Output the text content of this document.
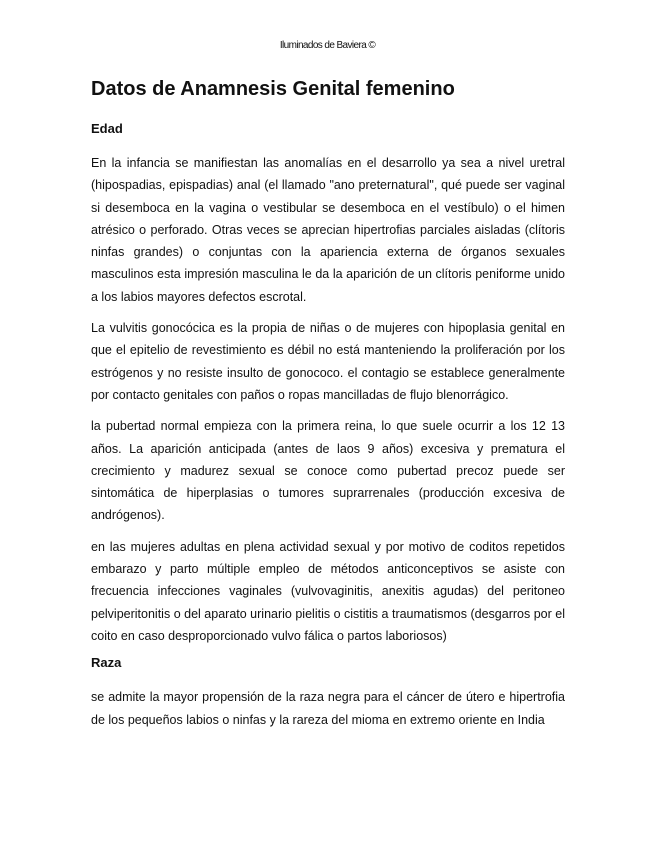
Iluminados de Baviera ©
Datos de Anamnesis Genital femenino
Edad

En la infancia se manifiestan las anomalías en el desarrollo ya sea a nivel uretral (hipospadias, epispadias) anal (el llamado "ano preternatural", qué puede ser vaginal si desemboca en la vagina o vestibular se desemboca en el vestíbulo) o el himen atrésico o perforado. Otras veces se aprecian hipertrofias parciales aisladas (clítoris ninfas grandes) o conjuntas con la apariencia externa de órganos sexuales masculinos esta impresión masculina le da la aparición de un clítoris peniforme unido a los labios mayores defectos escrotal.

La vulvitis gonocócica es la propia de niñas o de mujeres con hipoplasia genital en que el epitelio de revestimiento es débil no está manteniendo la proliferación por los estrógenos y no resiste insulto de gonococo. el contagio se establece generalmente por contacto genitales con paños o ropas mancilladas de flujo blenorrágico.

la pubertad normal empieza con la primera reina, lo que suele ocurrir a los 12 13 años. La aparición anticipada (antes de laos 9 años) excesiva y prematura el crecimiento y madurez sexual se conoce como pubertad precoz puede ser sintomática de hiperplasias o tumores suprarrenales (producción excesiva de andrógenos).

en las mujeres adultas en plena actividad sexual y por motivo de coditos repetidos embarazo y parto múltiple empleo de métodos anticonceptivos se asiste con frecuencia infecciones vaginales (vulvovaginitis, anexitis agudas) del peritoneo pelviperitonitis o del aparato urinario pielitis o cistitis a traumatismos (desgarros por el coito en caso desproporcionado vulvo fálica o partos laboriosos)

Raza

se admite la mayor propensión de la raza negra para el cáncer de útero e hipertrofia de los pequeños labios o ninfas y la rareza del mioma en extremo oriente en India
